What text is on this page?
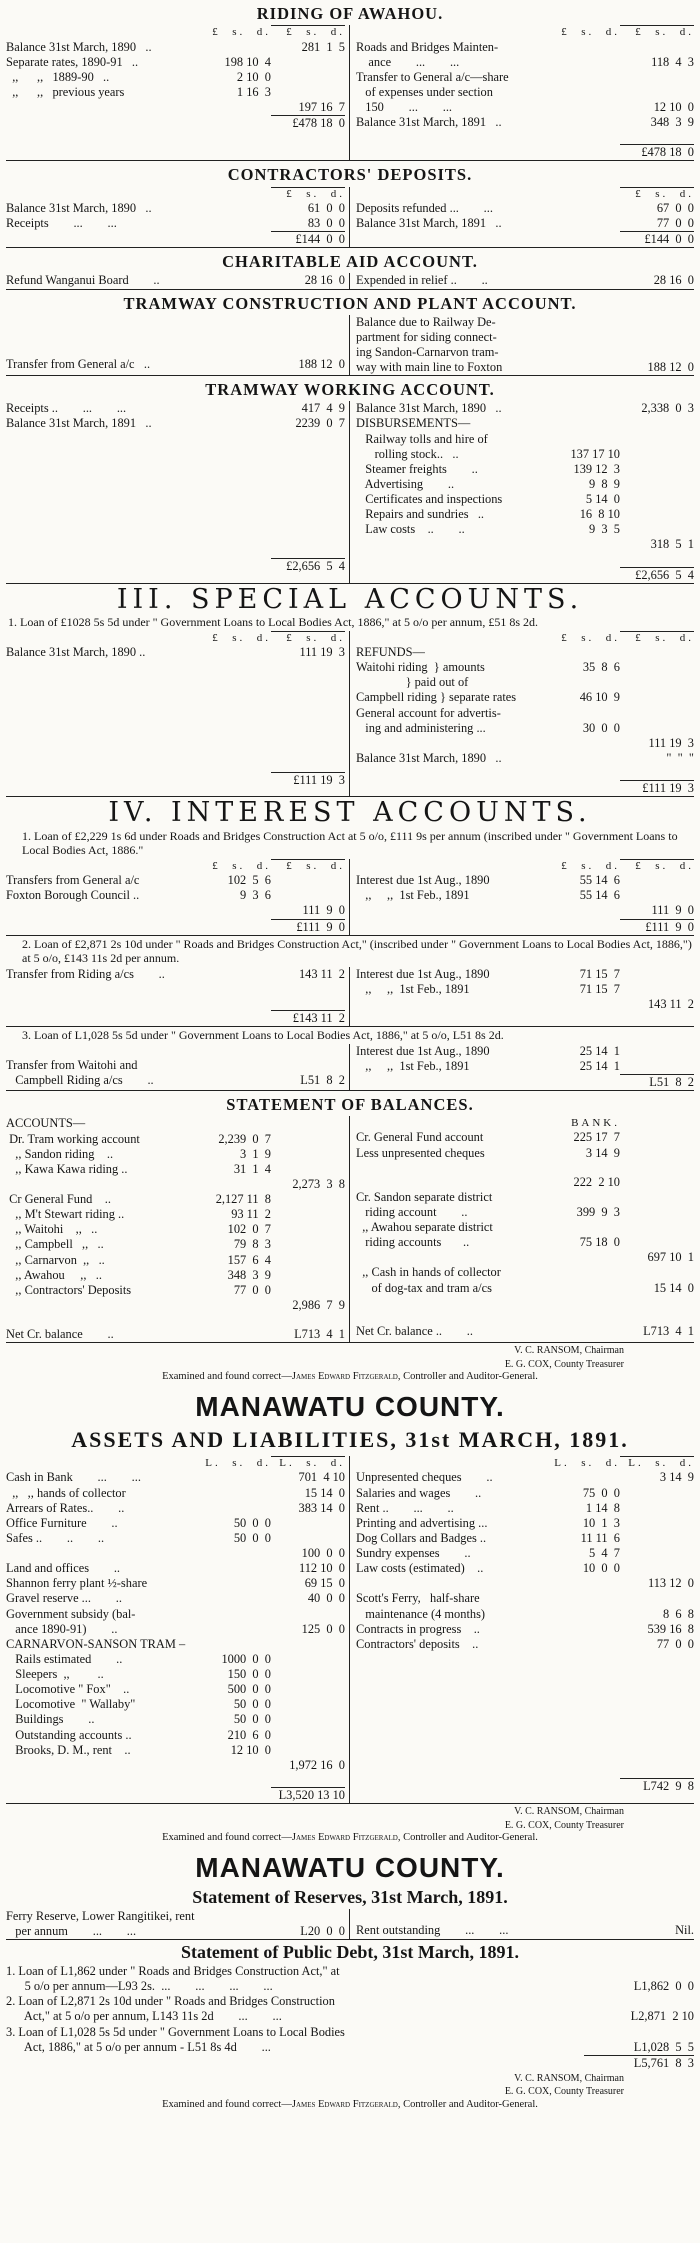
RIDING OF AWAHOU.
£  s.  d.	£  s.  d.
Balance 31st March, 1890   ..	281  1  5
Separate rates, 1890-91   ..	198 10  4
,,      ,,   1889-90   ..	2 10  0
,,      ,,   previous years	1 16  3
197 16  7
£478 18  0
£  s.  d.	£  s.  d.
Roads and Bridges Mainten-
ance        ...        ...	118  4  3
Transfer to General a/c—share
of expenses under section
150        ...        ...	12 10  0
Balance 31st March, 1891   ..	348  3  9
£478 18  0
CONTRACTORS' DEPOSITS.
£  s.  d.
Balance 31st March, 1890   ..	61  0  0
Receipts        ...        ...	83  0  0
£144  0  0
£  s.  d.
Deposits refunded ...        ...	67  0  0
Balance 31st March, 1891   ..	77  0  0
£144  0  0
CHARITABLE AID ACCOUNT.
Refund Wanganui Board        ..	28 16  0 Expended in relief ..        ..	28 16  0
TRAMWAY CONSTRUCTION AND PLANT ACCOUNT.
Transfer from General a/c   ..	188 12  0
Balance due to Railway De-
partment for siding connect-
ing Sandon-Carnarvon tram-
way with main line to Foxton	188 12  0
TRAMWAY WORKING ACCOUNT.
Receipts ..        ...        ...	417  4  9
Balance 31st March, 1891   ..	2239  0  7
£2,656  5  4
Balance 31st March, 1890   ..	2,338  0  3
DISBURSEMENTS—
Railway tolls and hire of
rolling stock..   ..	137 17 10
Steamer freights        ..	139 12  3
Advertising        ..	9  8  9
Certificates and inspections	5 14  0
Repairs and sundries   ..	16  8 10
Law costs    ..        ..	9  3  5
318  5  1
£2,656  5  4
III. SPECIAL ACCOUNTS.
1. Loan of £1028 5s 5d under " Government Loans to Local Bodies Act, 1886," at 5 o/o per annum, £51 8s 2d.
£  s.  d.	£  s.  d.
Balance 31st March, 1890 ..	111 19  3
£111 19  3
£  s.  d.	£  s.  d.
REFUNDS—
Waitohi riding  } amounts	35  8  6
} paid out of
Campbell riding } separate rates	46 10  9
General account for advertis-
ing and administering ...	30  0  0
111 19  3
Balance 31st March, 1890   ..	"  "  "
£111 19  3
IV. INTEREST ACCOUNTS.
1. Loan of £2,229 1s 6d under Roads and Bridges Construction Act at 5 o/o, £111 9s per annum (inscribed under " Government Loans to Local Bodies Act, 1886."
£  s.  d.	£  s.  d.
Transfers from General a/c	102  5  6
Foxton Borough Council ..	9  3  6
111  9  0
£111  9  0
£  s.  d.	£  s.  d.
Interest due 1st Aug., 1890	55 14  6
,,     ,,  1st Feb., 1891	55 14  6
111  9  0
£111  9  0
2. Loan of £2,871 2s 10d under " Roads and Bridges Construction Act," (inscribed under " Government Loans to Local Bodies Act, 1886,") at 5 o/o, £143 11s 2d per annum.
Transfer from Riding a/cs        ..	143 11  2
£143 11  2
Interest due 1st Aug., 1890	71 15  7
,,     ,,  1st Feb., 1891	71 15  7
143 11  2
3. Loan of L1,028 5s 5d under " Government Loans to Local Bodies Act, 1886," at 5 o/o, L51 8s 2d.
Transfer from Waitohi and
Campbell Riding a/cs        ..	L51  8  2
Interest due 1st Aug., 1890	25 14  1
,,     ,,  1st Feb., 1891	25 14  1
L51  8  2
STATEMENT OF BALANCES.
ACCOUNTS—
Dr. Tram working account	2,239  0  7
,, Sandon riding    ..	3  1  9
,, Kawa Kawa riding ..	31  1  4
2,273  3  8
Cr General Fund    ..	2,127 11  8
,, M't Stewart riding ..	93 11  2
,, Waitohi    ,,   ..	102  0  7
,, Campbell   ,,   ..	79  8  3
,, Carnarvon  ,,   ..	157  6  4
,, Awahou     ,,   ..	348  3  9
,, Contractors' Deposits	77  0  0
2,986  7  9
Net Cr. balance        ..	L713  4  1
BANK.
Cr. General Fund account	225 17  7
Less unpresented cheques	3 14  9
222  2 10
Cr. Sandon separate district
riding account        ..	399  9  3
,, Awahou separate district
riding accounts       ..	75 18  0
697 10  1
,, Cash in hands of collector
of dog-tax and tram a/cs	15 14  0
Net Cr. balance ..        ..	L713  4  1
V. C. RANSOM, Chairman
E. G. COX, County Treasurer
Examined and found correct—James Edward Fitzgerald, Controller and Auditor-General.
MANAWATU COUNTY.
ASSETS AND LIABILITIES, 31st MARCH, 1891.
L.  s.  d. L.  s.  d.
Cash in Bank        ...        ...	701  4 10
,,   ,, hands of collector	15 14  0
Arrears of Rates..        ..	383 14  0
Office Furniture        ..	50  0  0
Safes ..        ..        ..	50  0  0
100  0  0
Land and offices        ..	112 10  0
Shannon ferry plant ½-share	69 15  0
Gravel reserve ...        ..	40  0  0
Government subsidy (bal-
ance 1890-91)        ..	125  0  0
CARNARVON-SANSON TRAM –
Rails estimated        ..	1000  0  0
Sleepers  ,,         ..	150  0  0
Locomotive " Fox"    ..	500  0  0
Locomotive  " Wallaby"	50  0  0
Buildings        ..	50  0  0
Outstanding accounts ..	210  6  0
Brooks, D. M., rent    ..	12 10  0
1,972 16  0
L3,520 13 10
L.  s.  d. L.  s.  d.
Unpresented cheques        ..	3 14  9
Salaries and wages        ..	75  0  0
Rent ..        ...        ..	1 14  8
Printing and advertising ...	10  1  3
Dog Collars and Badges ..	11 11  6
Sundry expenses        ..	5  4  7
Law costs (estimated)    ..	10  0  0
113 12  0
Scott's Ferry,   half-share
maintenance (4 months)	8  6  8
Contracts in progress    ..	539 16  8
Contractors' deposits    ..	77  0  0
L742  9  8
V. C. RANSOM, Chairman
E. G. COX, County Treasurer
Examined and found correct—James Edward Fitzgerald, Controller and Auditor-General.
MANAWATU COUNTY.
Statement of Reserves, 31st March, 1891.
Ferry Reserve, Lower Rangitikei, rent
per annum        ...        ...	L20  0  0 Rent outstanding        ...        ...	Nil.
Statement of Public Debt, 31st March, 1891.
1. Loan of L1,862 under " Roads and Bridges Construction Act," at
5 o/o per annum—L93 2s.  ...        ...        ...        ...	L1,862  0  0
2. Loan of L2,871 2s 10d under " Roads and Bridges Construction
Act," at 5 o/o per annum, L143 11s 2d        ...        ...	L2,871  2 10
3. Loan of L1,028 5s 5d under " Government Loans to Local Bodies
Act, 1886," at 5 o/o per annum - L51 8s 4d        ...	L1,028  5  5
L5,761  8  3
V. C. RANSOM, Chairman
E. G. COX, County Treasurer
Examined and found correct—James Edward Fitzgerald, Controller and Auditor-General.
